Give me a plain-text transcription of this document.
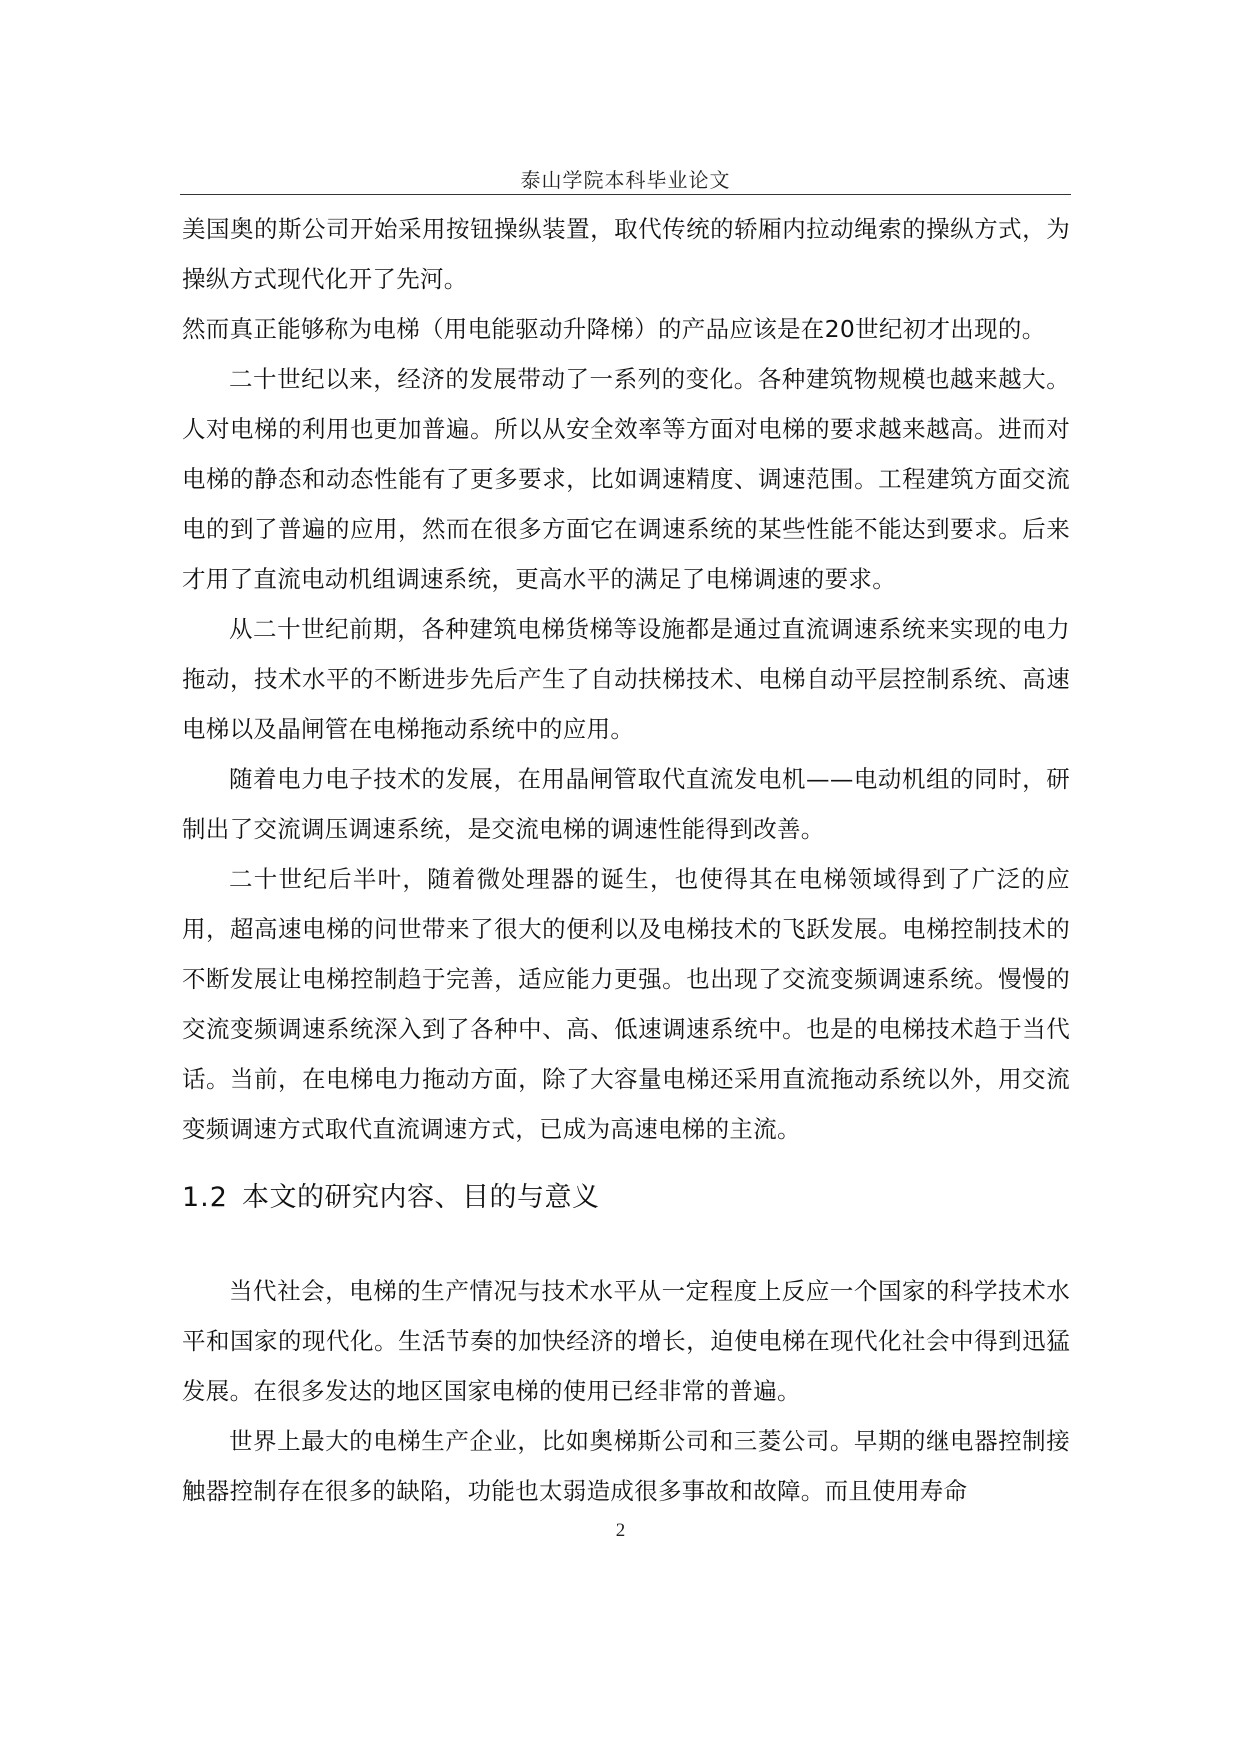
泰山学院本科毕业论文

美国奥的斯公司开始采用按钮操纵装置，取代传统的轿厢内拉动绳索的操纵方式，为操纵方式现代化开了先河。

然而真正能够称为电梯（用电能驱动升降梯）的产品应该是在20世纪初才出现的。

二十世纪以来，经济的发展带动了一系列的变化。各种建筑物规模也越来越大。人对电梯的利用也更加普遍。所以从安全效率等方面对电梯的要求越来越高。进而对电梯的静态和动态性能有了更多要求，比如调速精度、调速范围。工程建筑方面交流电的到了普遍的应用，然而在很多方面它在调速系统的某些性能不能达到要求。后来才用了直流电动机组调速系统，更高水平的满足了电梯调速的要求。

从二十世纪前期，各种建筑电梯货梯等设施都是通过直流调速系统来实现的电力拖动，技术水平的不断进步先后产生了自动扶梯技术、电梯自动平层控制系统、高速电梯以及晶闸管在电梯拖动系统中的应用。

随着电力电子技术的发展，在用晶闸管取代直流发电机——电动机组的同时，研制出了交流调压调速系统，是交流电梯的调速性能得到改善。

二十世纪后半叶，随着微处理器的诞生，也使得其在电梯领域得到了广泛的应用，超高速电梯的问世带来了很大的便利以及电梯技术的飞跃发展。电梯控制技术的不断发展让电梯控制趋于完善，适应能力更强。也出现了交流变频调速系统。慢慢的交流变频调速系统深入到了各种中、高、低速调速系统中。也是的电梯技术趋于当代话。当前，在电梯电力拖动方面，除了大容量电梯还采用直流拖动系统以外，用交流变频调速方式取代直流调速方式，已成为高速电梯的主流。

1.2 本文的研究内容、目的与意义

当代社会，电梯的生产情况与技术水平从一定程度上反应一个国家的科学技术水平和国家的现代化。生活节奏的加快经济的增长，迫使电梯在现代化社会中得到迅猛发展。在很多发达的地区国家电梯的使用已经非常的普遍。

世界上最大的电梯生产企业，比如奥梯斯公司和三菱公司。早期的继电器控制接触器控制存在很多的缺陷，功能也太弱造成很多事故和故障。而且使用寿命

2
